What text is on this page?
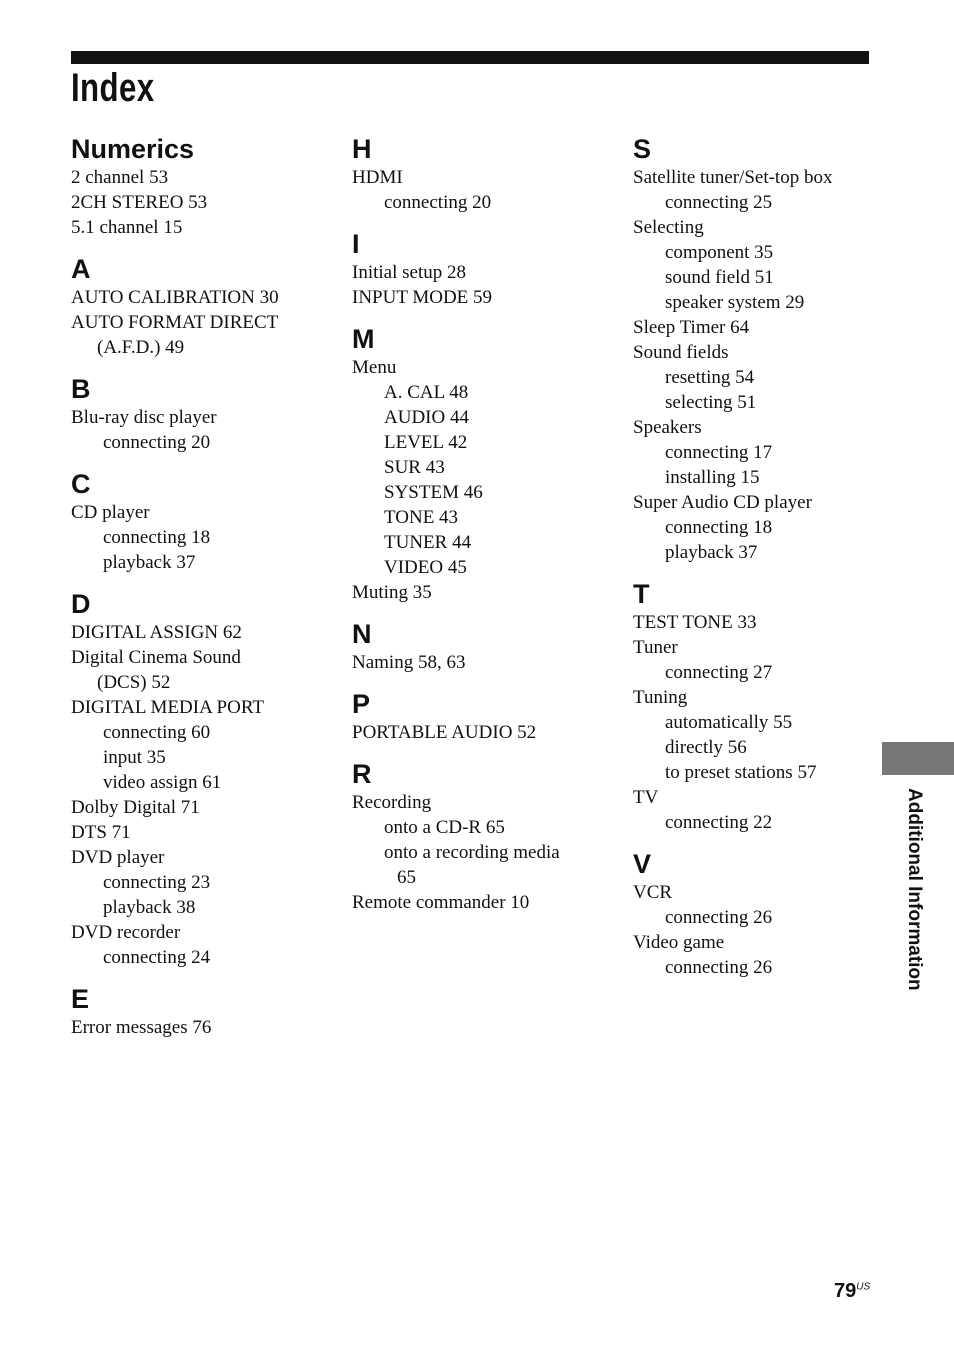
Index
Numerics
2 channel 53
2CH STEREO 53
5.1 channel 15
A
AUTO CALIBRATION 30
AUTO FORMAT DIRECT
(A.F.D.) 49
B
Blu-ray disc player
connecting 20
C
CD player
connecting 18
playback 37
D
DIGITAL ASSIGN 62
Digital Cinema Sound
(DCS) 52
DIGITAL MEDIA PORT
connecting 60
input 35
video assign 61
Dolby Digital 71
DTS 71
DVD player
connecting 23
playback 38
DVD recorder
connecting 24
E
Error messages 76
H
HDMI
connecting 20
I
Initial setup 28
INPUT MODE 59
M
Menu
A. CAL 48
AUDIO 44
LEVEL 42
SUR 43
SYSTEM 46
TONE 43
TUNER 44
VIDEO 45
Muting 35
N
Naming 58, 63
P
PORTABLE AUDIO 52
R
Recording
onto a CD-R 65
onto a recording media
65
Remote commander 10
S
Satellite tuner/Set-top box
connecting 25
Selecting
component 35
sound field 51
speaker system 29
Sleep Timer 64
Sound fields
resetting 54
selecting 51
Speakers
connecting 17
installing 15
Super Audio CD player
connecting 18
playback 37
T
TEST TONE 33
Tuner
connecting 27
Tuning
automatically 55
directly 56
to preset stations 57
TV
connecting 22
V
VCR
connecting 26
Video game
connecting 26	Additional Information
$79^{US}$
